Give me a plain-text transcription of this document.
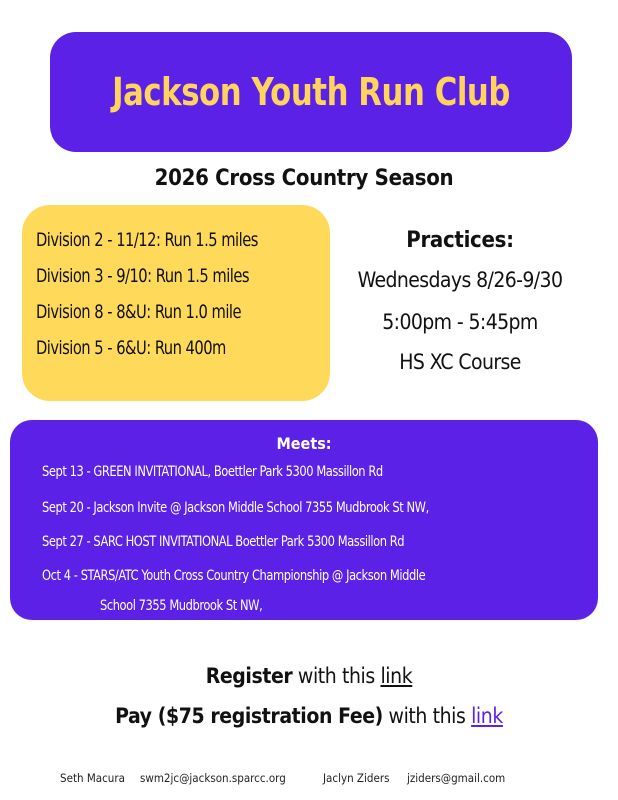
Jackson Youth Run Club
2026 Cross Country Season
Division 2 - 11/12: Run 1.5 miles
Division 3 - 9/10: Run 1.5 miles
Division 8 - 8&U: Run 1.0 mile
Division 5 - 6&U: Run 400m
Practices:
Wednesdays 8/26-9/30
5:00pm - 5:45pm
HS XC Course
Meets:
Sept 13 - GREEN INVITATIONAL, Boettler Park 5300 Massillon Rd
Sept 20 - Jackson Invite @ Jackson Middle School 7355 Mudbrook St NW,
Sept 27 - SARC HOST INVITATIONAL Boettler Park 5300 Massillon Rd
Oct 4 - STARS/ATC Youth Cross Country Championship @ Jackson Middle
School 7355 Mudbrook St NW,
Register with this link
Pay ($75 registration Fee) with this link
Seth Macura swm2jc@jackson.sparcc.org	Jaclyn Ziders jziders@gmail.com
